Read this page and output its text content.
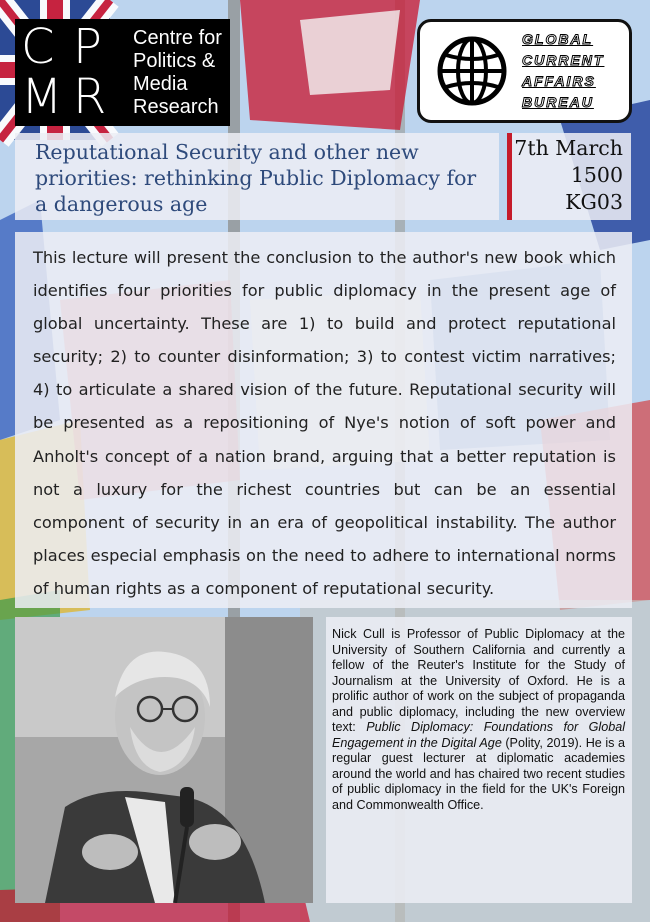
C P
M R
Centre for
Politics &
Media
Research
GLOBAL
CURRENT
AFFAIRS
BUREAU
Reputational Security and other new priorities: rethinking Public Diplomacy for a dangerous age
7th March
1500
KG03
This lecture will present the conclusion to the author's new book which identifies four priorities for public diplomacy in the present age of global uncertainty. These are 1) to build and protect reputational security; 2) to counter disinformation; 3) to contest victim narratives; 4) to articulate a shared vision of the future. Reputational security will be presented as a repositioning of Nye's notion of soft power and Anholt's concept of a nation brand, arguing that a better reputation is not a luxury for the richest countries but can be an essential component of security in an era of geopolitical instability. The author places especial emphasis on the need to adhere to international norms of human rights as a component of reputational security.
Nick Cull is Professor of Public Diplomacy at the University of Southern California and currently a fellow of the Reuter's Institute for the Study of Journalism at the University of Oxford. He is a prolific author of work on the subject of propaganda and public diplomacy, including the new overview text: Public Diplomacy: Foundations for Global Engagement in the Digital Age (Polity, 2019). He is a regular guest lecturer at diplomatic academies around the world and has chaired two recent studies of public diplomacy in the field for the UK's Foreign and Commonwealth Office.
